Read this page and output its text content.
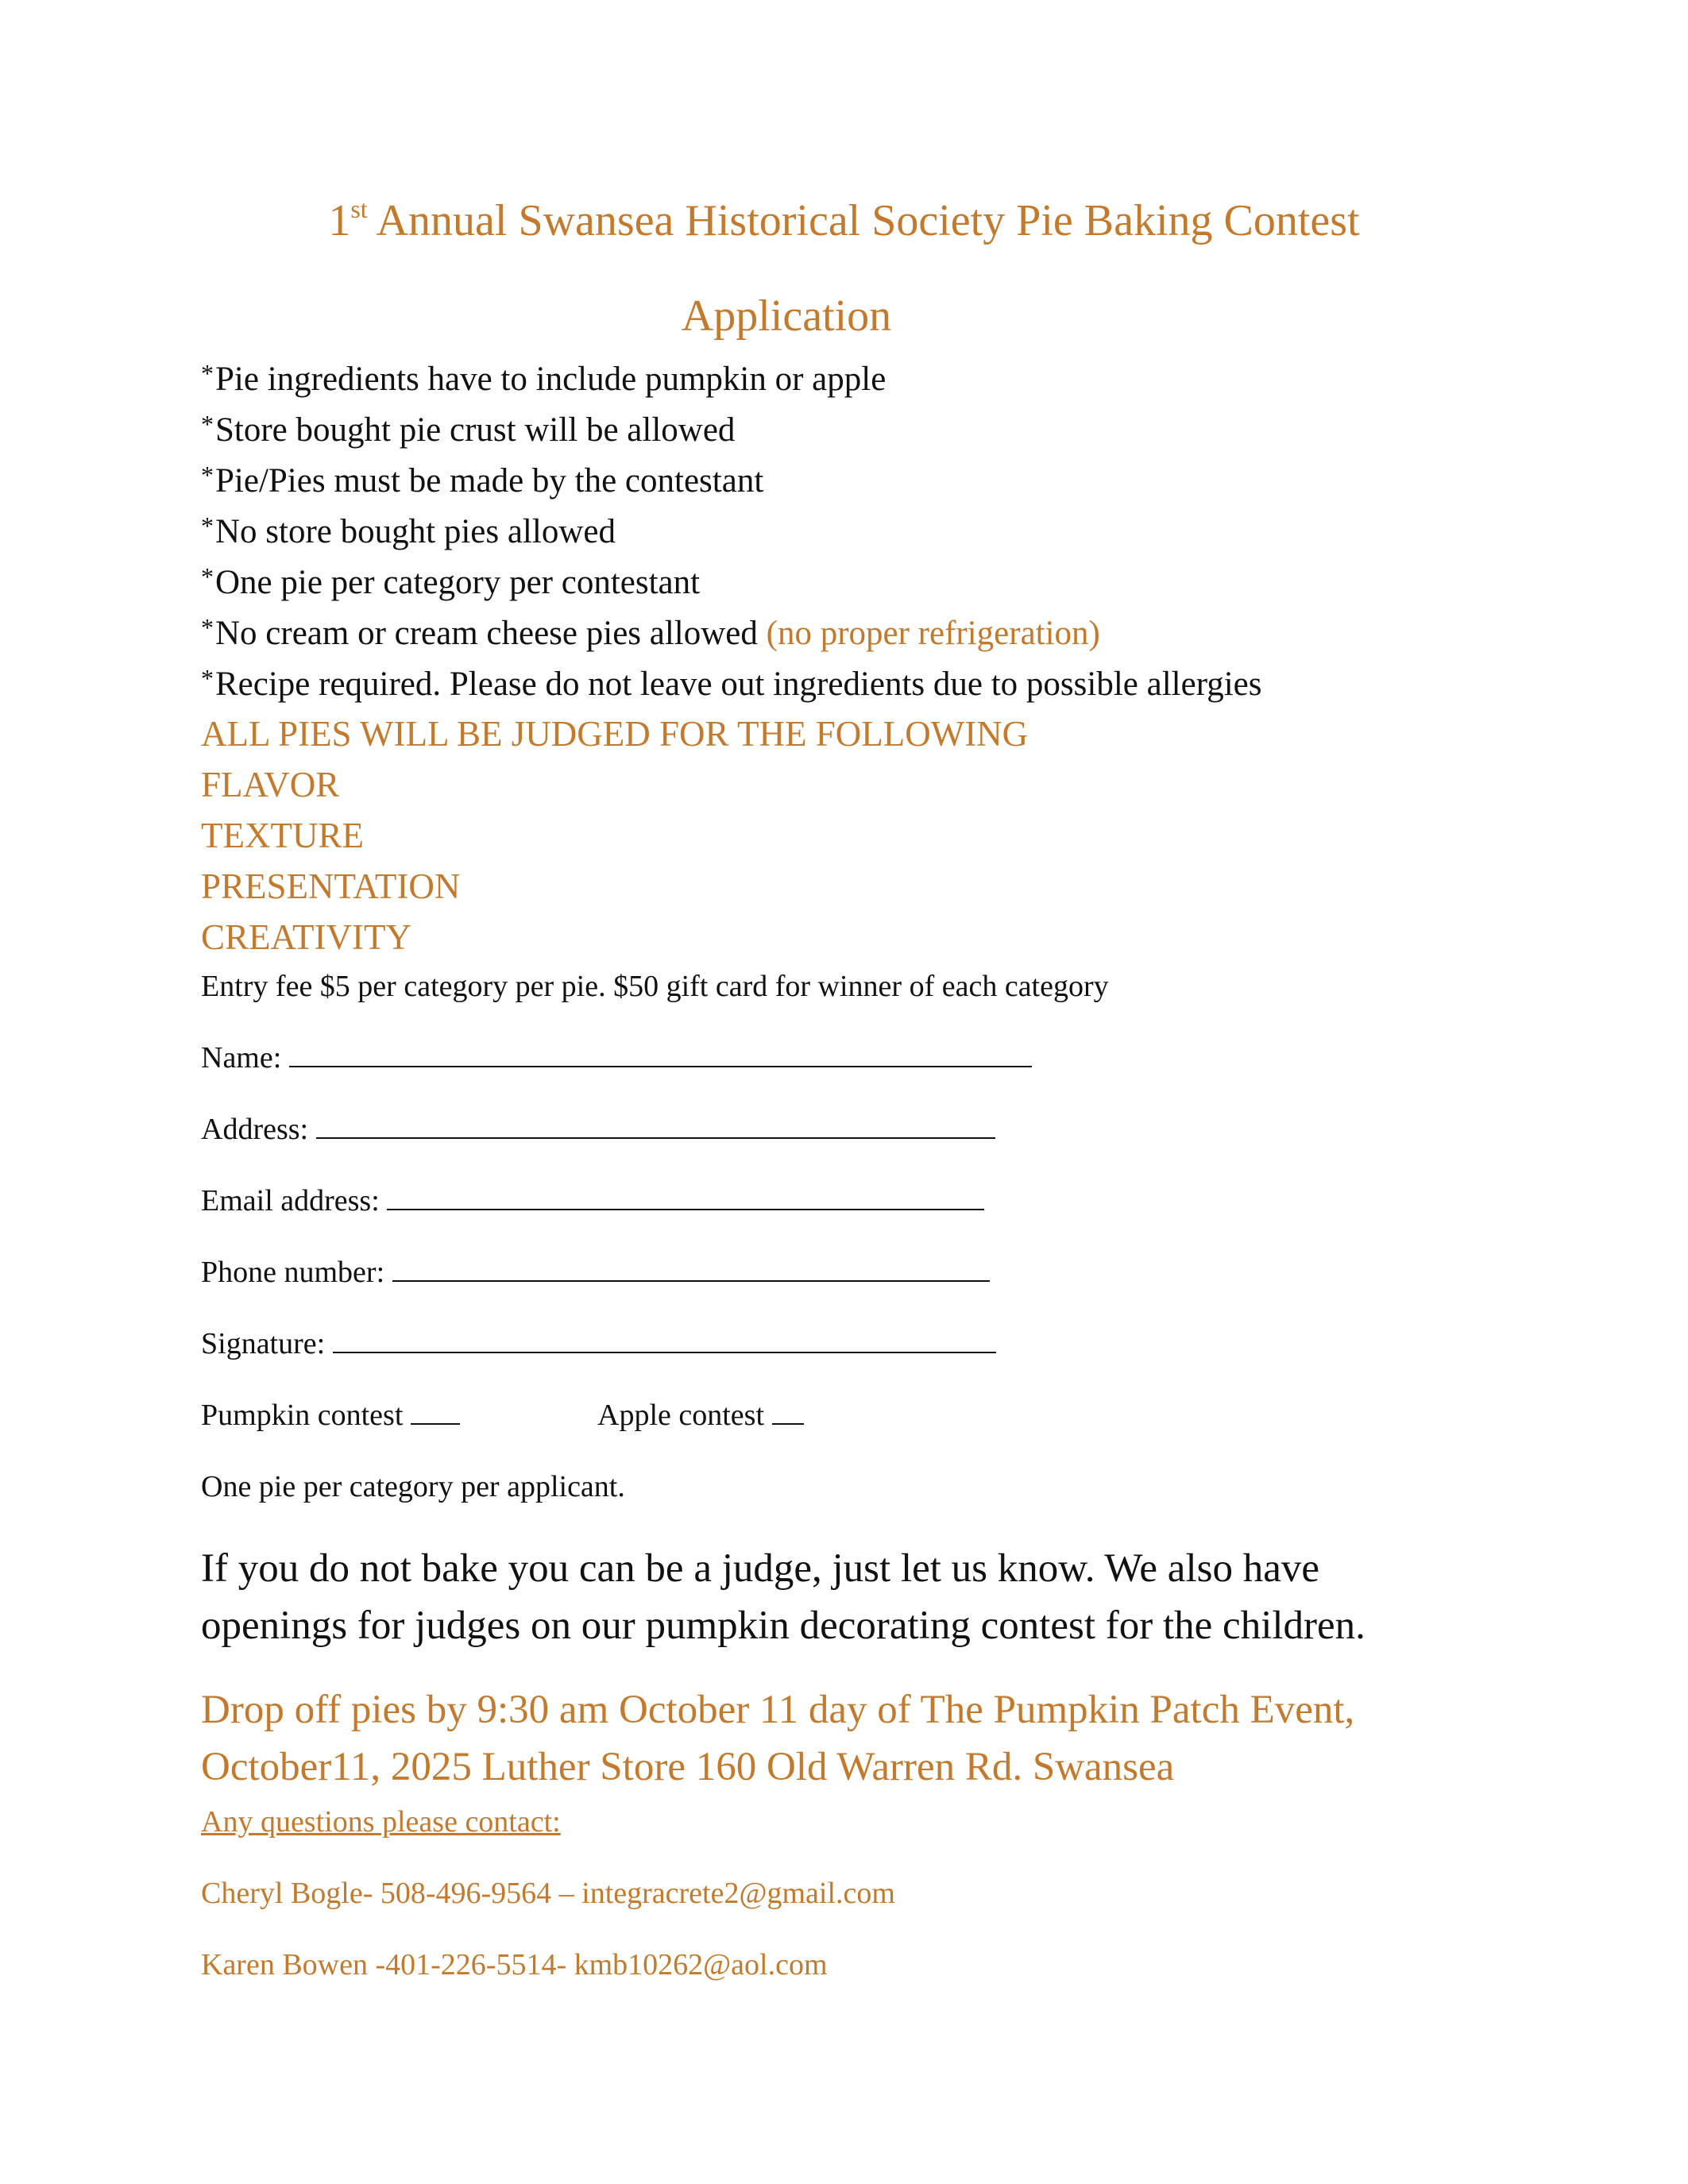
1st Annual Swansea Historical Society Pie Baking Contest
Application
*Pie ingredients have to include pumpkin or apple
*Store bought pie crust will be allowed
*Pie/Pies must be made by the contestant
*No store bought pies allowed
*One pie per category per contestant
*No cream or cream cheese pies allowed (no proper refrigeration)
*Recipe required. Please do not leave out ingredients due to possible allergies
ALL PIES WILL BE JUDGED FOR THE FOLLOWING
FLAVOR
TEXTURE
PRESENTATION
CREATIVITY
Entry fee $5 per category per pie. $50 gift card for winner of each category
Name:
Address:
Email address:
Phone number:
Signature:
Pumpkin contest	Apple contest
One pie per category per applicant.
If you do not bake you can be a judge, just let us know. We also have
openings for judges on our pumpkin decorating contest for the children.
Drop off pies by 9:30 am October 11 day of The Pumpkin Patch Event,
October11, 2025 Luther Store 160 Old Warren Rd. Swansea
Any questions please contact:
Cheryl Bogle- 508-496-9564 – integracrete2@gmail.com
Karen Bowen -401-226-5514- kmb10262@aol.com
